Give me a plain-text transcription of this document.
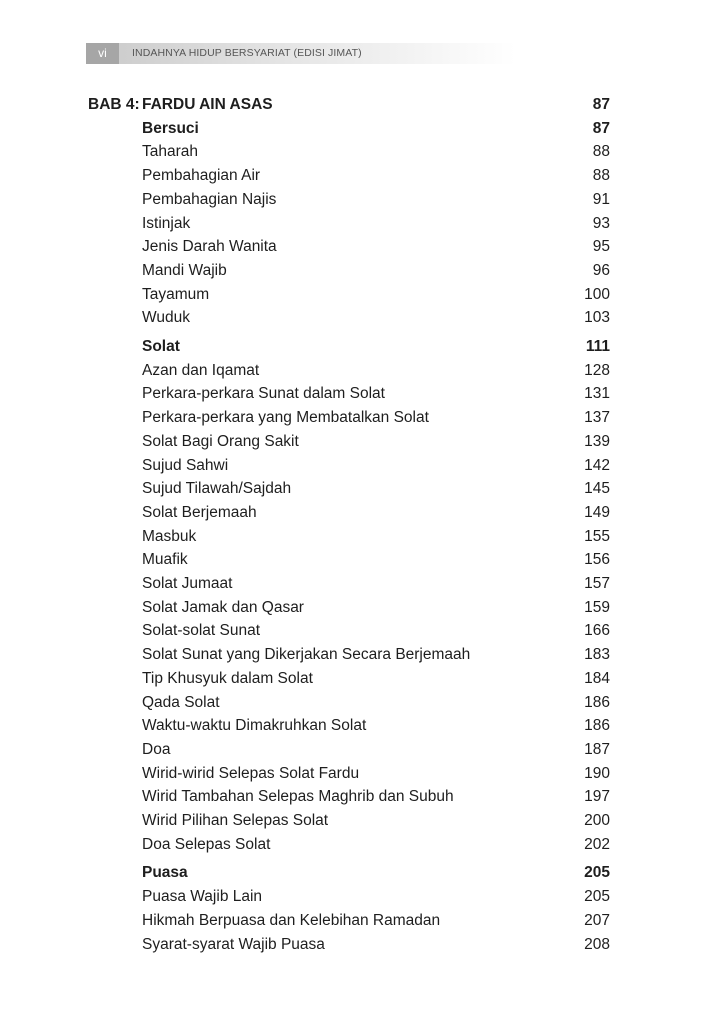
vi	INDAHNYA HIDUP BERSYARIAT (EDISI JIMAT)
BAB 4: FARDU AIN ASAS	87
Bersuci	87
Taharah	88
Pembahagian Air	88
Pembahagian Najis	91
Istinjak	93
Jenis Darah Wanita	95
Mandi Wajib	96
Tayamum	100
Wuduk	103
Solat	111
Azan dan Iqamat	128
Perkara-perkara Sunat dalam Solat	131
Perkara-perkara yang Membatalkan Solat	137
Solat Bagi Orang Sakit	139
Sujud Sahwi	142
Sujud Tilawah/Sajdah	145
Solat Berjemaah	149
Masbuk	155
Muafik	156
Solat Jumaat	157
Solat Jamak dan Qasar	159
Solat-solat Sunat	166
Solat Sunat yang Dikerjakan Secara Berjemaah	183
Tip Khusyuk dalam Solat	184
Qada Solat	186
Waktu-waktu Dimakruhkan Solat	186
Doa	187
Wirid-wirid Selepas Solat Fardu	190
Wirid Tambahan Selepas Maghrib dan Subuh	197
Wirid Pilihan Selepas Solat	200
Doa Selepas Solat	202
Puasa	205
Puasa Wajib Lain	205
Hikmah Berpuasa dan Kelebihan Ramadan	207
Syarat-syarat Wajib Puasa	208
